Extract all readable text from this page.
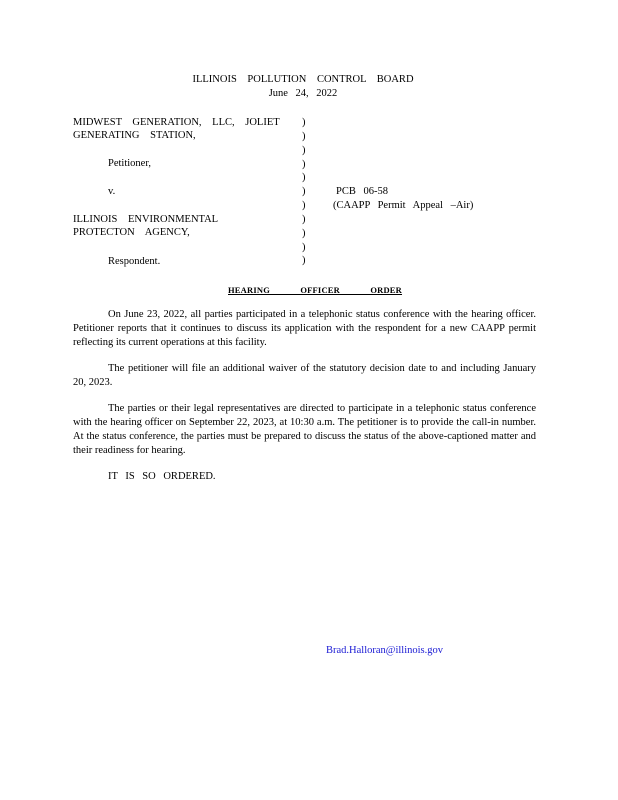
ILLINOIS POLLUTION CONTROL BOARD
June 24, 2022
MIDWEST GENERATION, LLC, JOLIET
GENERATING STATION,
Petitioner,
v.
ILLINOIS ENVIRONMENTAL
PROTECTON AGENCY,
Respondent.
)
)
)
)
)
)
)
)
)
)
)
PCB 06-58
(CAAPP Permit Appeal –Air)
HEARING OFFICER ORDER

On June 23, 2022, all parties participated in a telephonic status conference with the hearing officer. Petitioner reports that it continues to discuss its application with the respondent for a new CAAPP permit reflecting its current operations at this facility.

The petitioner will file an additional waiver of the statutory decision date to and including January 20, 2023.

The parties or their legal representatives are directed to participate in a telephonic status conference with the hearing officer on September 22, 2023, at 10:30 a.m. The petitioner is to provide the call-in number. At the status conference, the parties must be prepared to discuss the status of the above-captioned matter and their readiness for hearing.

IT IS SO ORDERED.
Brad.Halloran@illinois.gov
